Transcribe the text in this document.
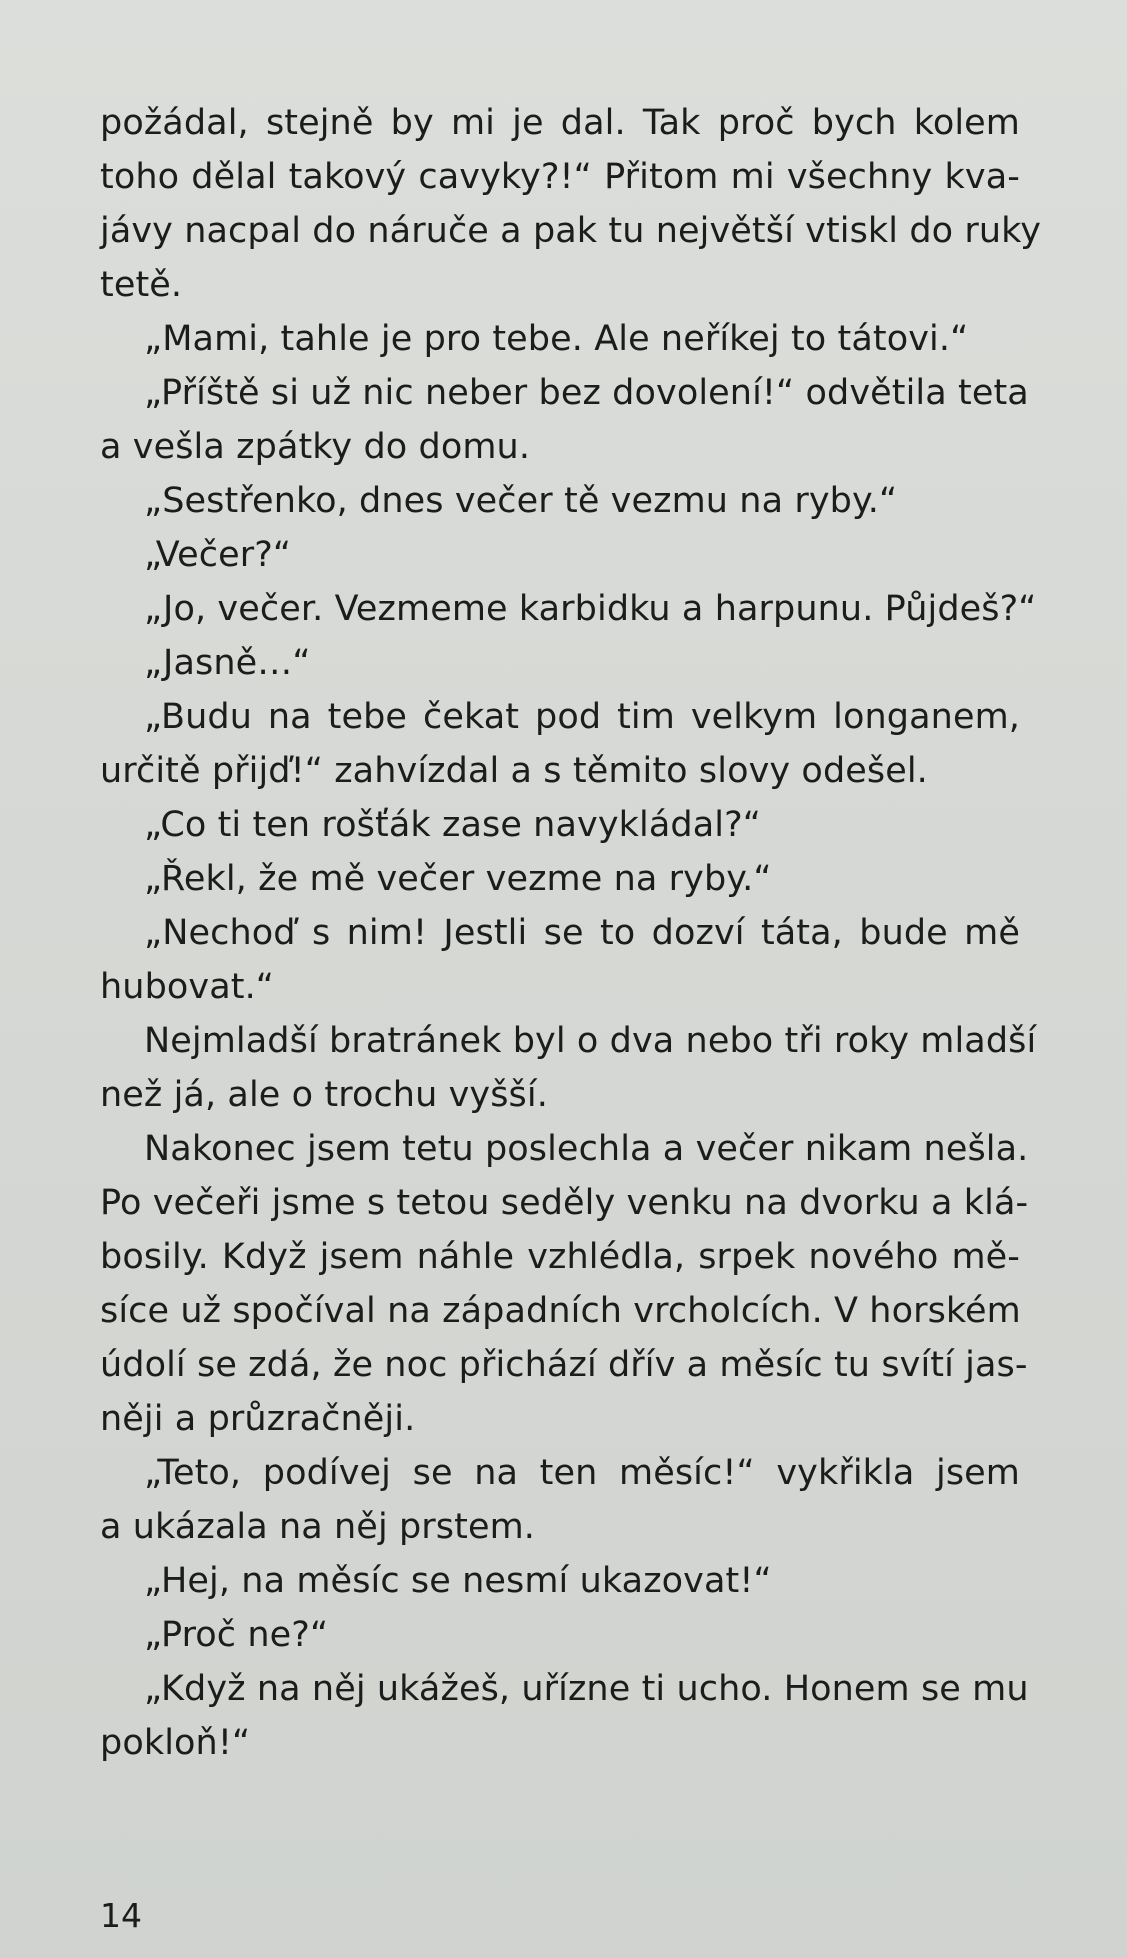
požádal, stejně by mi je dal. Tak proč bych kolem
toho dělal takový cavyky?!“ Přitom mi všechny kva-
jávy nacpal do náruče a pak tu největší vtiskl do ruky
tetě.
„Mami, tahle je pro tebe. Ale neříkej to tátovi.“
„Příště si už nic neber bez dovolení!“ odvětila teta
a vešla zpátky do domu.
„Sestřenko, dnes večer tě vezmu na ryby.“
„Večer?“
„Jo, večer. Vezmeme karbidku a harpunu. Půjdeš?“
„Jasně…“
„Budu na tebe čekat pod tim velkym longanem,
určitě přijď!“ zahvízdal a s těmito slovy odešel.
„Co ti ten rošťák zase navykládal?“
„Řekl, že mě večer vezme na ryby.“
„Nechoď s nim! Jestli se to dozví táta, bude mě
hubovat.“
Nejmladší bratránek byl o dva nebo tři roky mladší
než já, ale o trochu vyšší.
Nakonec jsem tetu poslechla a večer nikam nešla.
Po večeři jsme s tetou seděly venku na dvorku a klá-
bosily. Když jsem náhle vzhlédla, srpek nového mě-
síce už spočíval na západních vrcholcích. V horském
údolí se zdá, že noc přichází dřív a měsíc tu svítí jas-
něji a průzračněji.
„Teto, podívej se na ten měsíc!“ vykřikla jsem
a ukázala na něj prstem.
„Hej, na měsíc se nesmí ukazovat!“
„Proč ne?“
„Když na něj ukážeš, uřízne ti ucho. Honem se mu
pokloň!“
14
